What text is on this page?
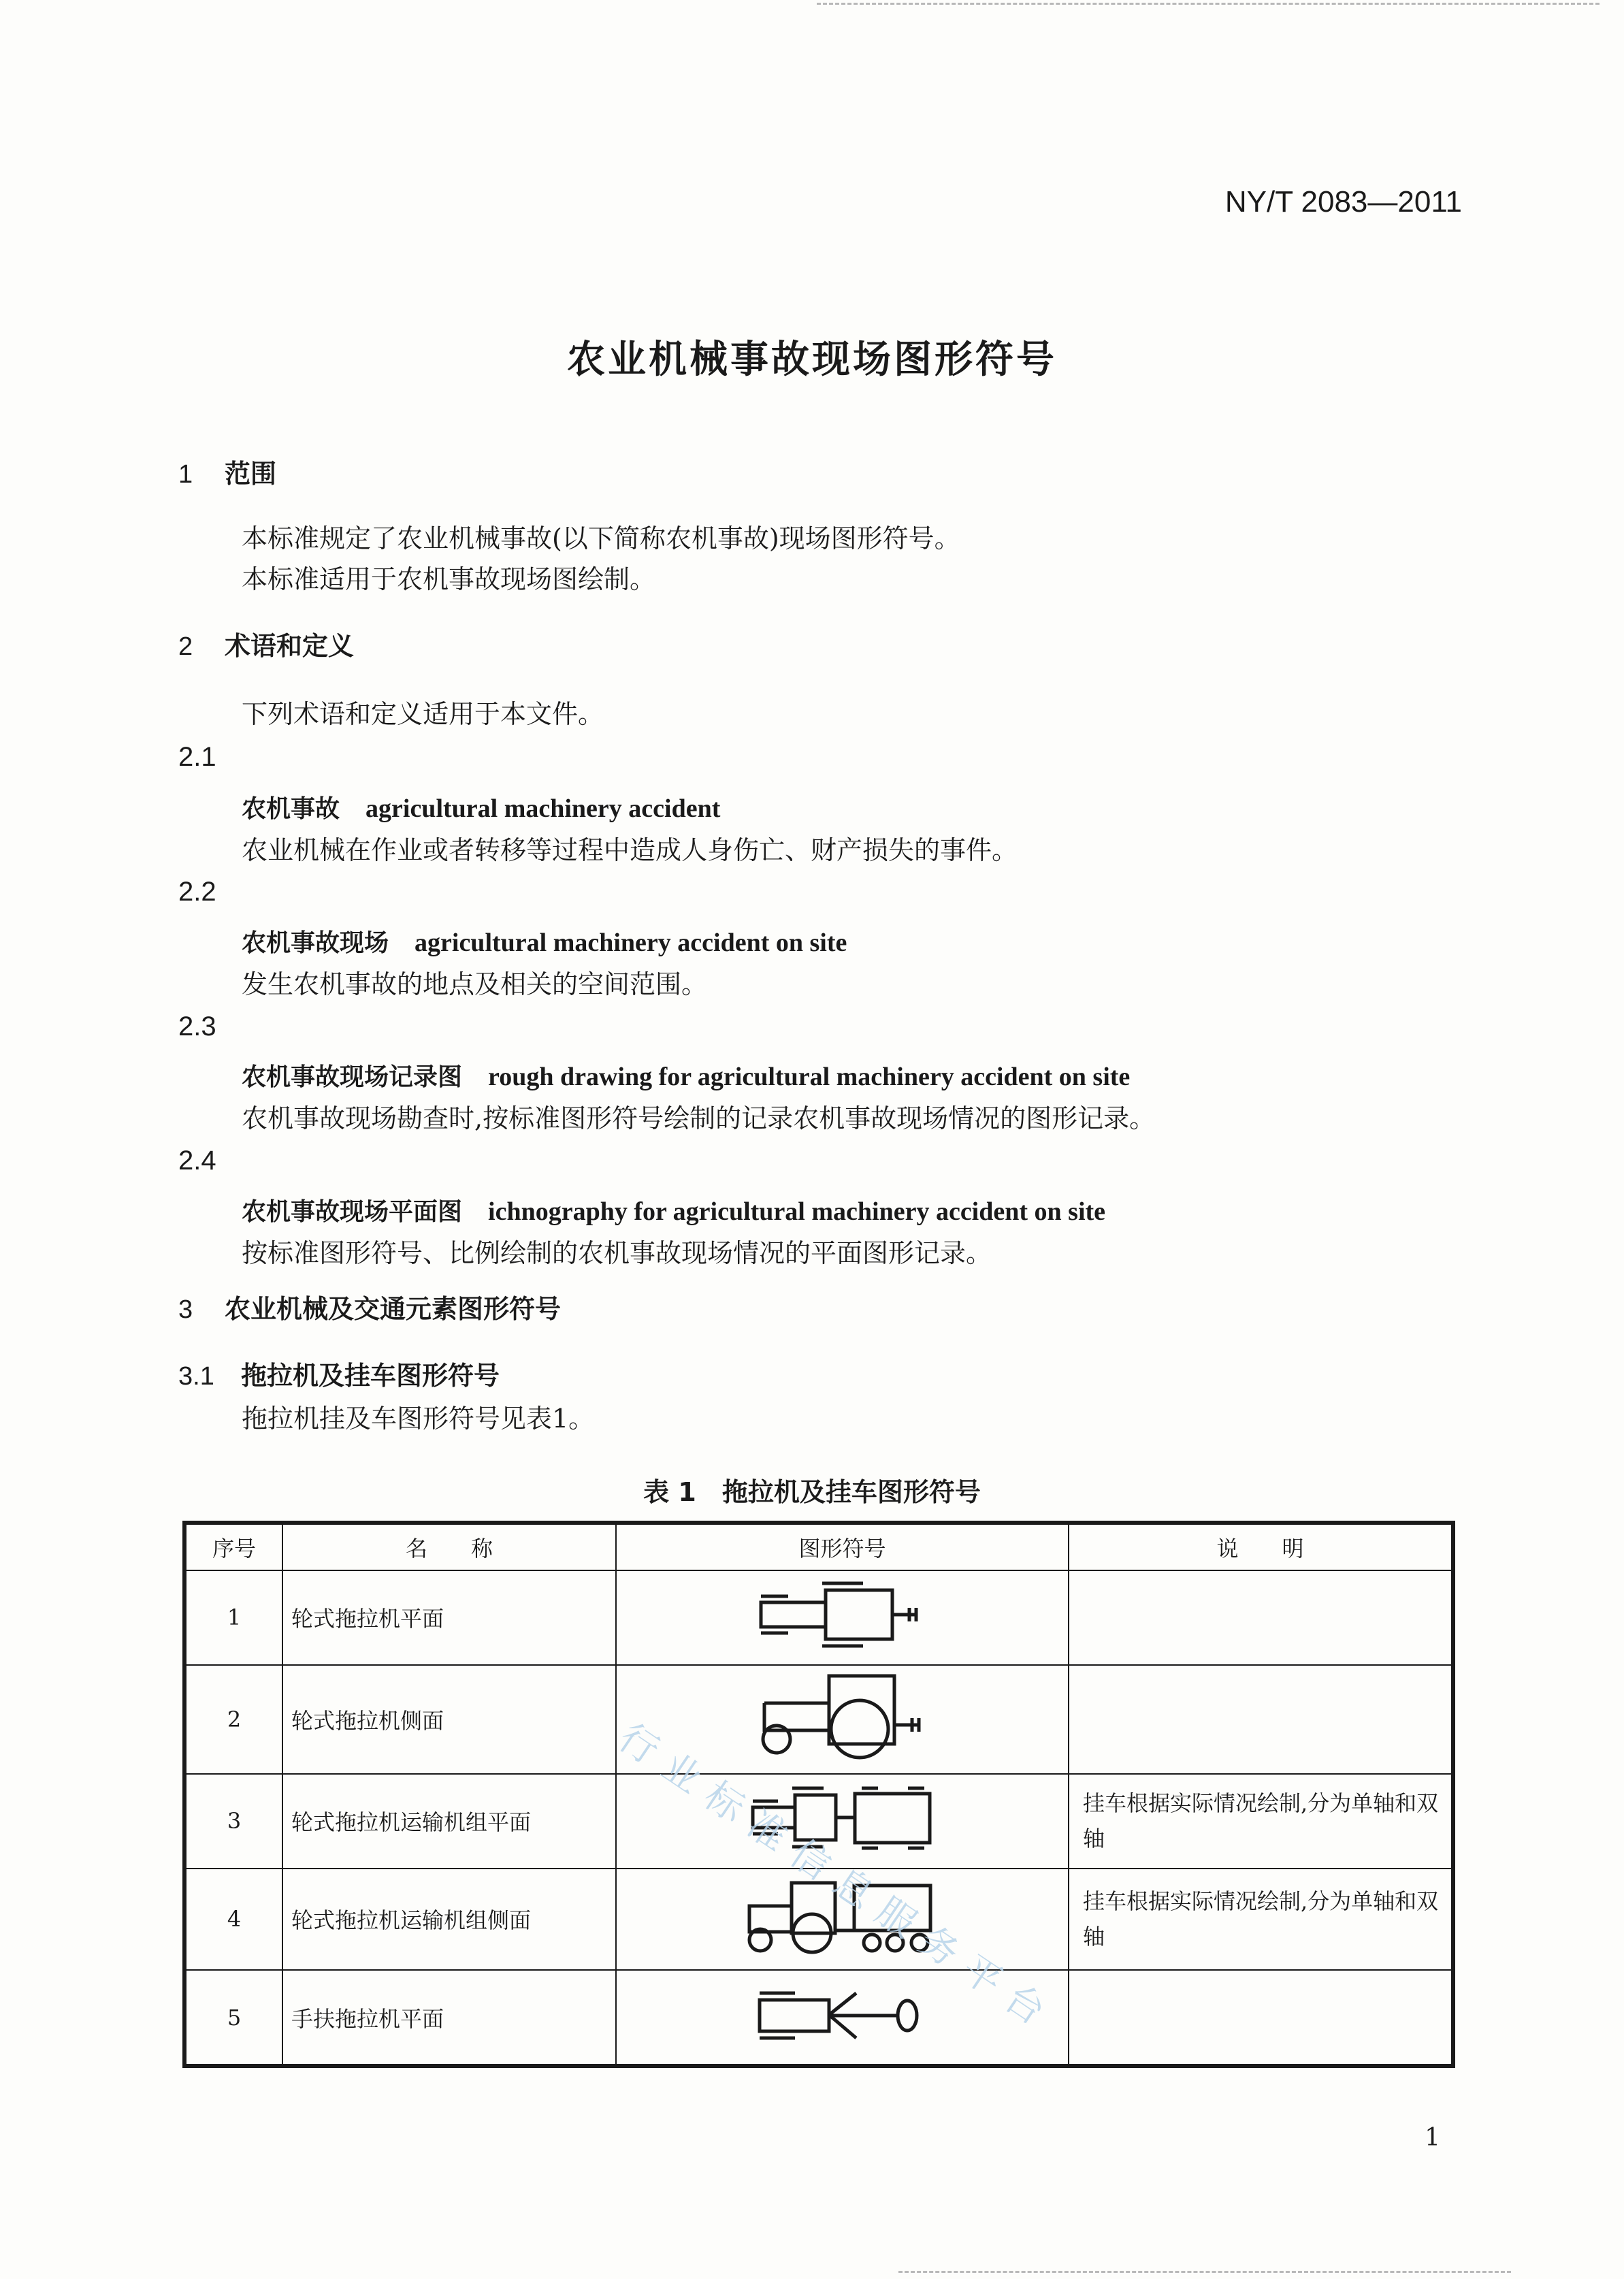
NY/T 2083—2011
农业机械事故现场图形符号
1 范围
本标准规定了农业机械事故(以下简称农机事故)现场图形符号。
本标准适用于农机事故现场图绘制。
2 术语和定义
下列术语和定义适用于本文件。
2.1
农机事故 agricultural machinery accident
农业机械在作业或者转移等过程中造成人身伤亡、财产损失的事件。
2.2
农机事故现场 agricultural machinery accident on site
发生农机事故的地点及相关的空间范围。
2.3
农机事故现场记录图 rough drawing for agricultural machinery accident on site
农机事故现场勘查时,按标准图形符号绘制的记录农机事故现场情况的图形记录。
2.4
农机事故现场平面图 ichnography for agricultural machinery accident on site
按标准图形符号、比例绘制的农机事故现场情况的平面图形记录。
3 农业机械及交通元素图形符号
3.1 拖拉机及挂车图形符号
拖拉机挂及车图形符号见表1。
表 1　拖拉机及挂车图形符号
序号	名　　称	图形符号	说　　明
1	轮式拖拉机平面		
2	轮式拖拉机侧面		
3	轮式拖拉机运输机组平面		挂车根据实际情况绘制,分为单轴和双轴
4	轮式拖拉机运输机组侧面		挂车根据实际情况绘制,分为单轴和双轴
5	手扶拖拉机平面			行业标准信息服务平台
1
